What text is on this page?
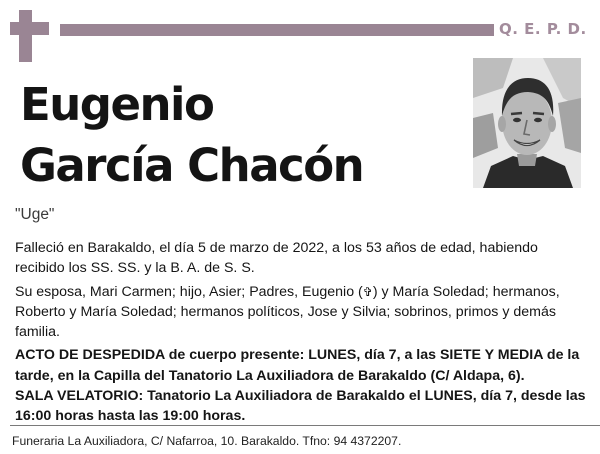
Q. E. P. D.
Eugenio
García Chacón
"Uge"

Falleció en Barakaldo, el día 5 de marzo de 2022, a los 53 años de edad, habiendo recibido los SS. SS. y la B. A. de S. S.

Su esposa, Mari Carmen; hijo, Asier; Padres, Eugenio (✞) y María Soledad; hermanos, Roberto y María Soledad; hermanos políticos, Jose y Silvia; sobrinos, primos y demás familia.

ACTO DE DESPEDIDA de cuerpo presente: LUNES, día 7, a las SIETE Y MEDIA de la tarde, en la Capilla del Tanatorio La Auxiliadora de Barakaldo (C/ Aldapa, 6).

SALA VELATORIO: Tanatorio La Auxiliadora de Barakaldo el LUNES, día 7, desde las 16:00 horas hasta las 19:00 horas.

Funeraria La Auxiliadora, C/ Nafarroa, 10. Barakaldo. Tfno: 94 4372207.
